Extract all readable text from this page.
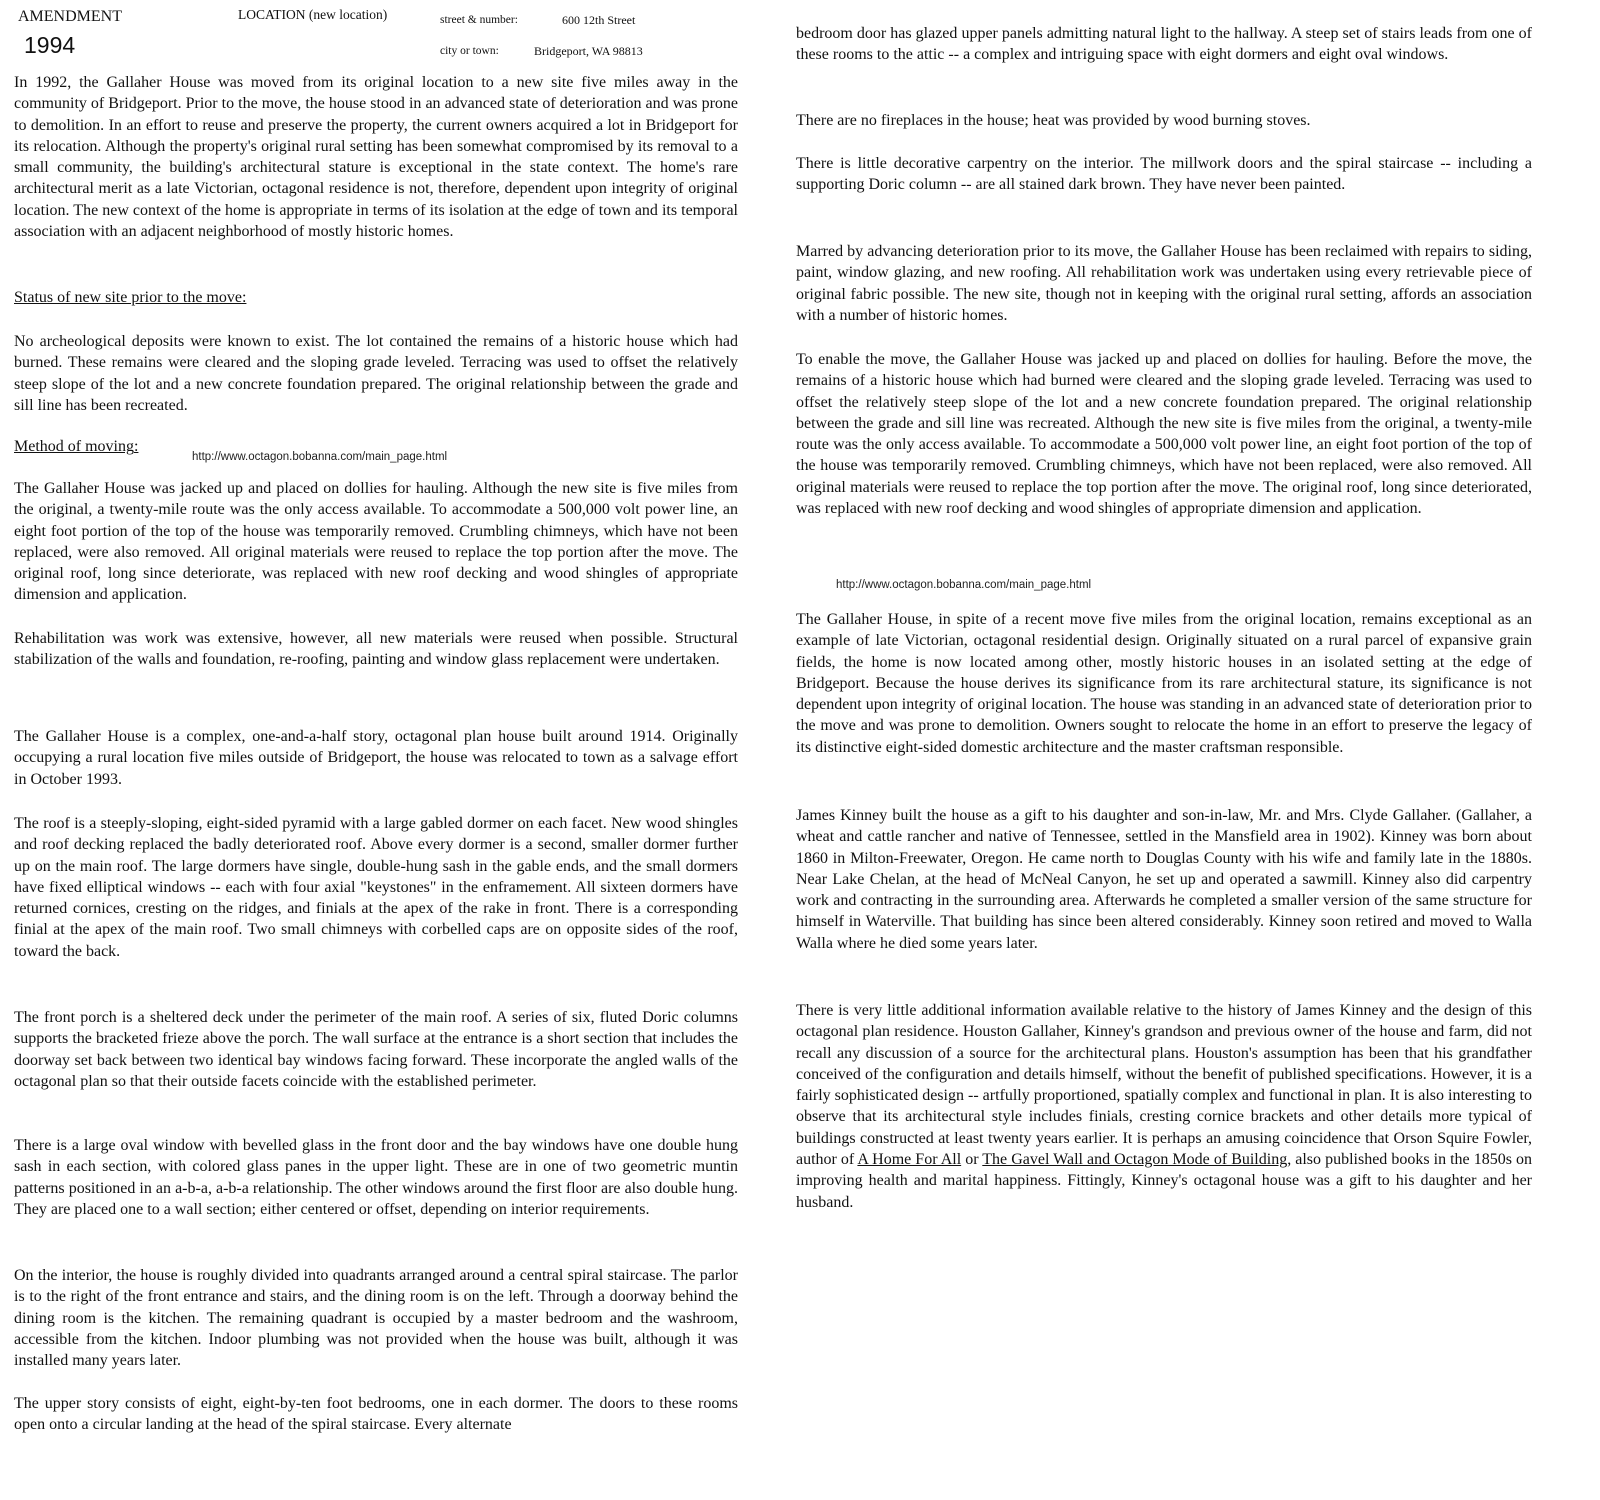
AMENDMENT

1994

LOCATION (new location)	street & number:	600 12th Street

city or town:	Bridgeport, WA 98813

In 1992, the Gallaher House was moved from its original location to a new site five miles away in the community of Bridgeport. Prior to the move, the house stood in an advanced state of deterioration and was prone to demolition. In an effort to reuse and preserve the property, the current owners acquired a lot in Bridgeport for its relocation. Although the property's original rural setting has been somewhat compromised by its removal to a small community, the building's architectural stature is exceptional in the state context. The home's rare architectural merit as a late Victorian, octagonal residence is not, therefore, dependent upon integrity of original location. The new context of the home is appropriate in terms of its isolation at the edge of town and its temporal association with an adjacent neighborhood of mostly historic homes.

Status of new site prior to the move:

No archeological deposits were known to exist. The lot contained the remains of a historic house which had burned. These remains were cleared and the sloping grade leveled. Terracing was used to offset the relatively steep slope of the lot and a new concrete foundation prepared. The original relationship between the grade and sill line has been recreated.

Method of moving:

http://www.octagon.bobanna.com/main_page.html

The Gallaher House was jacked up and placed on dollies for hauling. Although the new site is five miles from the original, a twenty-mile route was the only access available. To accommodate a 500,000 volt power line, an eight foot portion of the top of the house was temporarily removed. Crumbling chimneys, which have not been replaced, were also removed. All original materials were reused to replace the top portion after the move. The original roof, long since deteriorate, was replaced with new roof decking and wood shingles of appropriate dimension and application.

Rehabilitation was work was extensive, however, all new materials were reused when possible. Structural stabilization of the walls and foundation, re-roofing, painting and window glass replacement were undertaken.

The Gallaher House is a complex, one-and-a-half story, octagonal plan house built around 1914. Originally occupying a rural location five miles outside of Bridgeport, the house was relocated to town as a salvage effort in October 1993.

The roof is a steeply-sloping, eight-sided pyramid with a large gabled dormer on each facet. New wood shingles and roof decking replaced the badly deteriorated roof. Above every dormer is a second, smaller dormer further up on the main roof. The large dormers have single, double-hung sash in the gable ends, and the small dormers have fixed elliptical windows -- each with four axial "keystones" in the enframement. All sixteen dormers have returned cornices, cresting on the ridges, and finials at the apex of the rake in front. There is a corresponding finial at the apex of the main roof. Two small chimneys with corbelled caps are on opposite sides of the roof, toward the back.

The front porch is a sheltered deck under the perimeter of the main roof. A series of six, fluted Doric columns supports the bracketed frieze above the porch. The wall surface at the entrance is a short section that includes the doorway set back between two identical bay windows facing forward. These incorporate the angled walls of the octagonal plan so that their outside facets coincide with the established perimeter.

There is a large oval window with bevelled glass in the front door and the bay windows have one double hung sash in each section, with colored glass panes in the upper light. These are in one of two geometric muntin patterns positioned in an a-b-a, a-b-a relationship. The other windows around the first floor are also double hung. They are placed one to a wall section; either centered or offset, depending on interior requirements.

On the interior, the house is roughly divided into quadrants arranged around a central spiral staircase. The parlor is to the right of the front entrance and stairs, and the dining room is on the left. Through a doorway behind the dining room is the kitchen. The remaining quadrant is occupied by a master bedroom and the washroom, accessible from the kitchen. Indoor plumbing was not provided when the house was built, although it was installed many years later.

The upper story consists of eight, eight-by-ten foot bedrooms, one in each dormer. The doors to these rooms open onto a circular landing at the head of the spiral staircase. Every alternate

bedroom door has glazed upper panels admitting natural light to the hallway. A steep set of stairs leads from one of these rooms to the attic -- a complex and intriguing space with eight dormers and eight oval windows.

There are no fireplaces in the house; heat was provided by wood burning stoves.

There is little decorative carpentry on the interior. The millwork doors and the spiral staircase -- including a supporting Doric column -- are all stained dark brown. They have never been painted.

Marred by advancing deterioration prior to its move, the Gallaher House has been reclaimed with repairs to siding, paint, window glazing, and new roofing. All rehabilitation work was undertaken using every retrievable piece of original fabric possible. The new site, though not in keeping with the original rural setting, affords an association with a number of historic homes.

To enable the move, the Gallaher House was jacked up and placed on dollies for hauling. Before the move, the remains of a historic house which had burned were cleared and the sloping grade leveled. Terracing was used to offset the relatively steep slope of the lot and a new concrete foundation prepared. The original relationship between the grade and sill line was recreated. Although the new site is five miles from the original, a twenty-mile route was the only access available. To accommodate a 500,000 volt power line, an eight foot portion of the top of the house was temporarily removed. Crumbling chimneys, which have not been replaced, were also removed. All original materials were reused to replace the top portion after the move. The original roof, long since deteriorated, was replaced with new roof decking and wood shingles of appropriate dimension and application.

http://www.octagon.bobanna.com/main_page.html

The Gallaher House, in spite of a recent move five miles from the original location, remains exceptional as an example of late Victorian, octagonal residential design. Originally situated on a rural parcel of expansive grain fields, the home is now located among other, mostly historic houses in an isolated setting at the edge of Bridgeport. Because the house derives its significance from its rare architectural stature, its significance is not dependent upon integrity of original location. The house was standing in an advanced state of deterioration prior to the move and was prone to demolition. Owners sought to relocate the home in an effort to preserve the legacy of its distinctive eight-sided domestic architecture and the master craftsman responsible.

James Kinney built the house as a gift to his daughter and son-in-law, Mr. and Mrs. Clyde Gallaher. (Gallaher, a wheat and cattle rancher and native of Tennessee, settled in the Mansfield area in 1902). Kinney was born about 1860 in Milton-Freewater, Oregon. He came north to Douglas County with his wife and family late in the 1880s. Near Lake Chelan, at the head of McNeal Canyon, he set up and operated a sawmill. Kinney also did carpentry work and contracting in the surrounding area. Afterwards he completed a smaller version of the same structure for himself in Waterville. That building has since been altered considerably. Kinney soon retired and moved to Walla Walla where he died some years later.

There is very little additional information available relative to the history of James Kinney and the design of this octagonal plan residence. Houston Gallaher, Kinney's grandson and previous owner of the house and farm, did not recall any discussion of a source for the architectural plans. Houston's assumption has been that his grandfather conceived of the configuration and details himself, without the benefit of published specifications. However, it is a fairly sophisticated design -- artfully proportioned, spatially complex and functional in plan. It is also interesting to observe that its architectural style includes finials, cresting cornice brackets and other details more typical of buildings constructed at least twenty years earlier. It is perhaps an amusing coincidence that Orson Squire Fowler, author of A Home For All or The Gavel Wall and Octagon Mode of Building, also published books in the 1850s on improving health and marital happiness. Fittingly, Kinney's octagonal house was a gift to his daughter and her husband.
